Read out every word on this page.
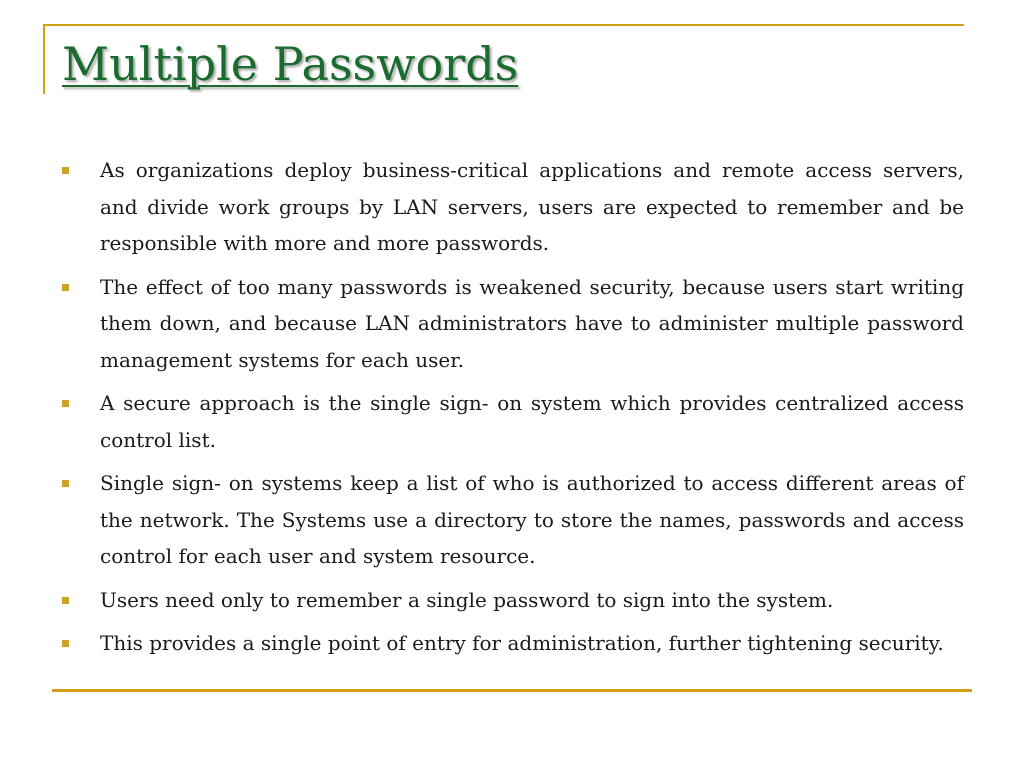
Multiple Passwords
As organizations deploy business-critical applications and remote access servers, and divide work groups by LAN servers, users are expected to remember and be responsible with more and more passwords.
The effect of too many passwords is weakened security, because users start writing them down, and because LAN administrators have to administer multiple password management systems for each user.
A secure approach is the single sign- on system which provides centralized access control list.
Single sign- on systems keep a list of who is authorized to access different areas of the network. The Systems use a directory to store the names, passwords and access control for each user and system resource.
Users need only to remember a single password to sign into the system.
This provides a single point of entry for administration, further tightening security.
